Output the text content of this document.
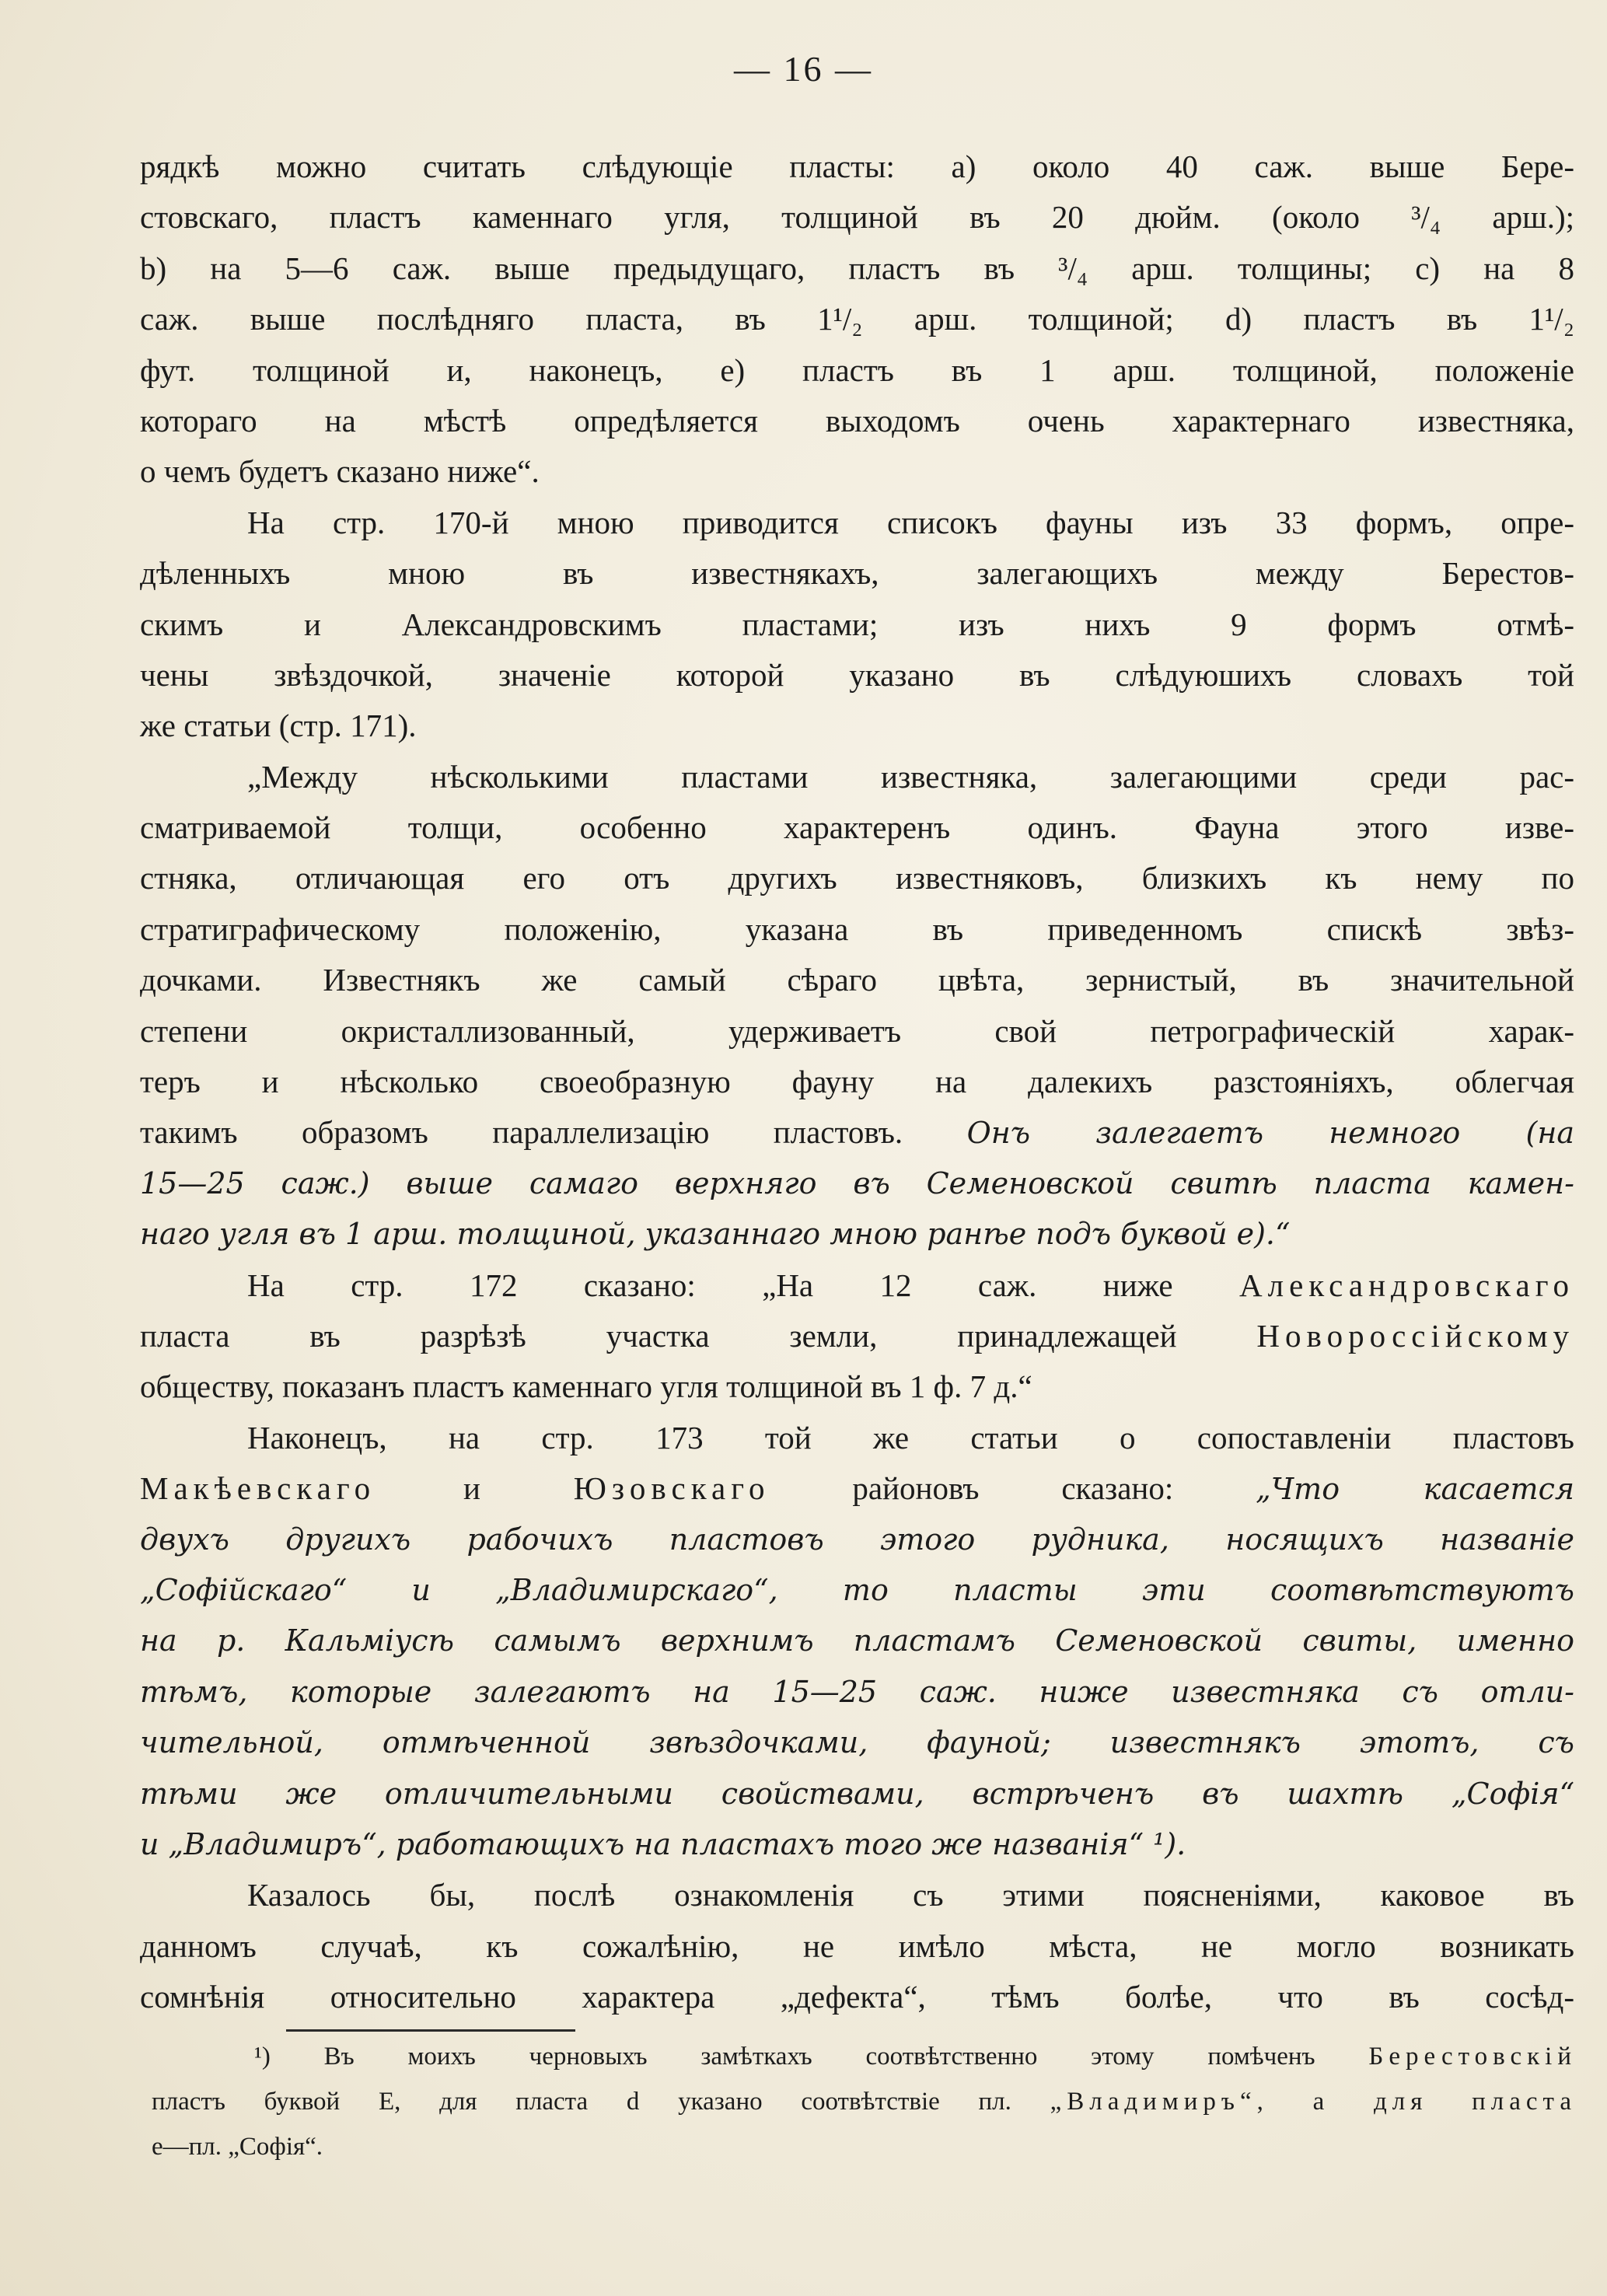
— 16 —
рядкѣ можно считать слѣдующіе пласты: а) около 40 саж. выше Бере-
стовскаго, пластъ каменнаго угля, толщиной въ 20 дюйм. (около ³/₄ арш.);
b) на 5—6 саж. выше предыдущаго, пластъ въ ³/₄ арш. толщины; с) на 8
саж. выше послѣдняго пласта, въ 1¹/₂ арш. толщиной; d) пластъ въ 1¹/₂
фут. толщиной и, наконецъ, е) пластъ въ 1 арш. толщиной, положеніе
котораго на мѣстѣ опредѣляется выходомъ очень характернаго известняка,
о чемъ будетъ сказано ниже“.
На стр. 170-й мною приводится списокъ фауны изъ 33 формъ, опре-
дѣленныхъ мною въ известнякахъ, залегающихъ между Берестов-
скимъ и Александровскимъ пластами; изъ нихъ 9 формъ отмѣ-
чены звѣздочкой, значеніе которой указано въ слѣдуюшихъ словахъ той
же статьи (стр. 171).
„Между нѣсколькими пластами известняка, залегающими среди рас-
сматриваемой толщи, особенно характеренъ одинъ. Фауна этого изве-
стняка, отличающая его отъ другихъ известняковъ, близкихъ къ нему по
стратиграфическому положенію, указана въ приведенномъ спискѣ звѣз-
дочками. Известнякъ же самый сѣраго цвѣта, зернистый, въ значительной
степени окристаллизованный, удерживаетъ свой петрографическій харак-
теръ и нѣсколько своеобразную фауну на далекихъ разстояніяхъ, облегчая
такимъ образомъ параллелизацію пластовъ. Онъ залегаетъ немного (на
15—25 саж.) выше самаго верхняго въ Семеновской свитѣ пласта камен-
наго угля въ 1 арш. толщиной, указаннаго мною ранѣе подъ буквой е).“
На стр. 172 сказано: „На 12 саж. ниже Александровскаго
пласта въ разрѣзѣ участка земли, принадлежащей	Новороссійскому
обществу, показанъ пластъ каменнаго угля толщиной въ 1 ф. 7 д.“
Наконецъ, на стр. 173 той же статьи о сопоставленіи пластовъ
Макѣевскаго и Юзовскаго	районовъ сказано:	„Что касается
двухъ другихъ рабочихъ пластовъ этого рудника, носящихъ названіе
„Софійскаго“ и „Владимирскаго“, то пласты эти соотвѣтствуютъ
на р. Кальміусѣ самымъ верхнимъ пластамъ Семеновской свиты, именно
тѣмъ, которые залегаютъ на 15—25 саж. ниже известняка съ отли-
чительной, отмѣченной звѣздочками, фауной; известнякъ этотъ, съ
тѣми же отличительными свойствами, встрѣченъ въ шахтѣ „Софія“
и „Владимиръ“, работающихъ на пластахъ того же названія“ ¹).
Казалось бы, послѣ ознакомленія съ этими поясненіями, каковое въ
данномъ случаѣ, къ сожалѣнію, не имѣло мѣста, не могло возникать
сомнѣнія относительно характера „дефекта“, тѣмъ болѣе, что въ сосѣд-
¹) Въ моихъ черновыхъ замѣткахъ соотвѣтственно этому помѣченъ Берестовскій
пластъ буквой Е, для пласта d указано соотвѣтствіе пл. „Владимиръ“, а для пласта
е—пл. „Софія“.
